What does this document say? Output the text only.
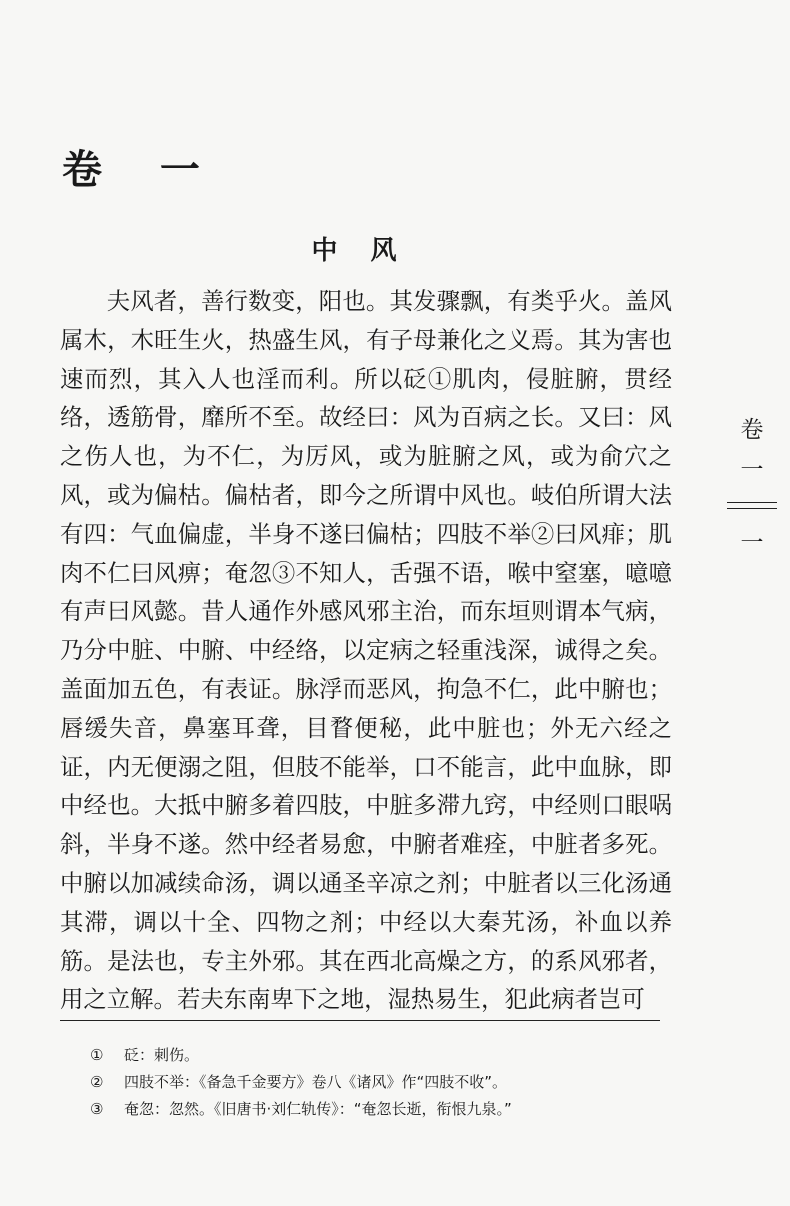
卷 一
中 风

夫风者，善行数变，阳也。其发骤飘，有类乎火。盖风属木，木旺生火，热盛生风，有子母兼化之义焉。其为害也速而烈，其入人也淫而利。所以砭①肌肉，侵脏腑，贯经络，透筋骨，靡所不至。故经曰：风为百病之长。又曰：风之伤人也，为不仁，为厉风，或为脏腑之风，或为俞穴之风，或为偏枯。偏枯者，即今之所谓中风也。岐伯所谓大法有四：气血偏虚，半身不遂曰偏枯；四肢不举②曰风痱；肌肉不仁曰风痹；奄忽③不知人，舌强不语，喉中窒塞，噫噫有声曰风懿。昔人通作外感风邪主治，而东垣则谓本气病，乃分中脏、中腑、中经络，以定病之轻重浅深，诚得之矣。盖面加五色，有表证。脉浮而恶风，拘急不仁，此中腑也；唇缓失音，鼻塞耳聋，目瞀便秘，此中脏也；外无六经之证，内无便溺之阻，但肢不能举，口不能言，此中血脉，即中经也。大抵中腑多着四肢，中脏多滞九窍，中经则口眼㖞斜，半身不遂。然中经者易愈，中腑者难痊，中脏者多死。中腑以加减续命汤，调以通圣辛凉之剂；中脏者以三化汤通其滞，调以十全、四物之剂；中经以大秦艽汤，补血以养筋。是法也，专主外邪。其在西北高燥之方，的系风邪者，用之立解。若夫东南卑下之地，湿热易生，犯此病者岂可

① 砭：刺伤。
② 四肢不举：《备急千金要方》卷八《诸风》作“四肢不收”。
③ 奄忽：忽然。《旧唐书·刘仁轨传》：“奄忽长逝，衔恨九泉。”
卷
一
一
